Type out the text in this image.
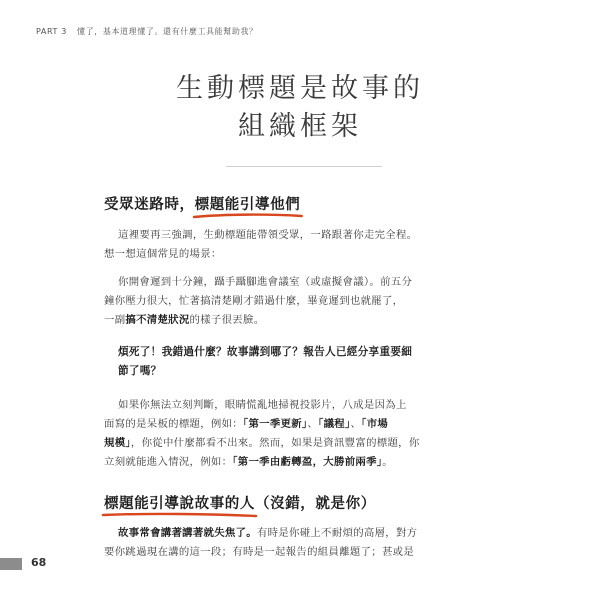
PART 3 懂了，基本道理懂了。還有什麼工具能幫助我？
生動標題是故事的
組織框架
受眾迷路時，標題能引導他們
這裡要再三強調，生動標題能帶領受眾，一路跟著你走完全程。
想一想這個常見的場景：
你開會遲到十分鐘，躡手躡腳進會議室（或虛擬會議）。前五分
鐘你壓力很大，忙著搞清楚剛才錯過什麼，畢竟遲到也就罷了，
一副搞不清楚狀況的樣子很丟臉。
煩死了！我錯過什麼？故事講到哪了？報告人已經分享重要細
節了嗎？
如果你無法立刻判斷，眼睛慌亂地掃視投影片，八成是因為上
面寫的是呆板的標題，例如：「第一季更新」、「議程」、「市場
規模」，你從中什麼都看不出來。然而，如果是資訊豐富的標題，你
立刻就能進入情況，例如：「第一季由虧轉盈，大勝前兩季」。
標題能引導說故事的人
（沒錯，就是你）
故事常會講著講著就失焦了。有時是你碰上不耐煩的高層，對方
要你跳過現在講的這一段；有時是一起報告的組員離題了；甚或是
68
